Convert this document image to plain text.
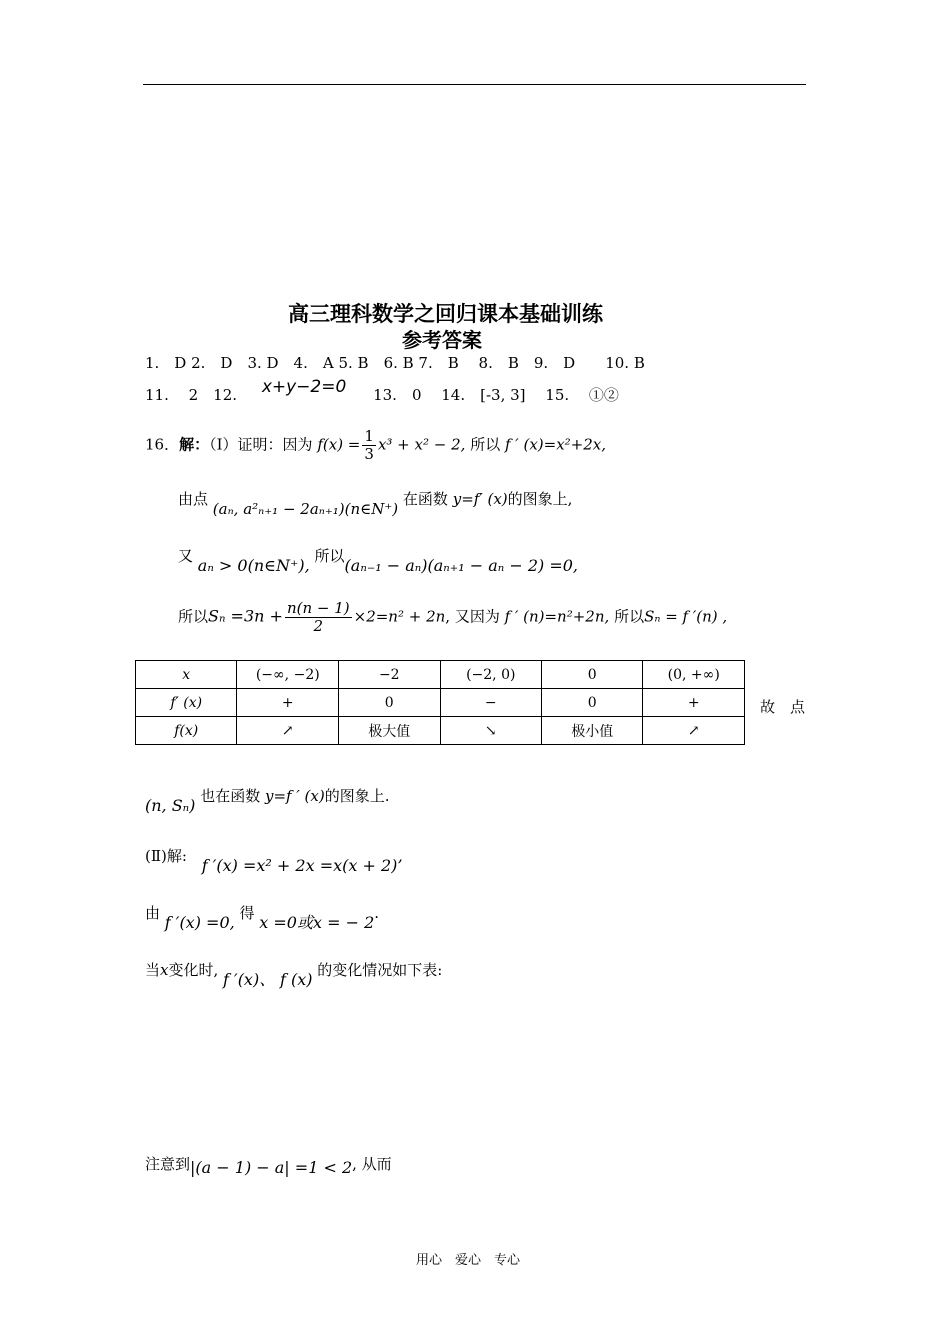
高三理科数学之回归课本基础训练
参考答案
1.　D 2.　D　3. D　4.　A 5. B　6. B 7.　B　 8.　B　9.　D　　10. B
11.　 2　12. x+y−2=0 13.　0　 14.　[-3, 3]　 15.　 ①②
16．解：（Ⅰ）证明：因为 $f(x) = \frac{1}{3} x^3 + x^2 - 2$, 所以 f ′ (x)=x²+2x,
由点 (aₙ, a²ₙ₊₁ − 2aₙ₊₁)(n∈N⁺) 在函数 y=f′ (x)的图象上,
又 aₙ > 0(n∈N⁺), 所以(aₙ₋₁ − aₙ)(aₙ₊₁ − aₙ − 2) =0,
所以$S_n =3n + \frac{n(n - 1)}{2} \times 2=n^2 + 2n$, 又因为 f ′ (n)=n²+2n, 所以Sₙ = f ′(n) ,
x	(−∞, −2)	−2	(−2, 0)	0	(0, +∞)
f′ (x)	+	0	−	0	+
f(x)	↗	极大值	↘	极小值	↗
故　点
(n, Sₙ) 也在函数 y=f ′ (x)的图象上.
(Ⅱ)解: f ′(x) =x² + 2x =x(x + 2)’
由 f ′(x) =0, 得 x =0或x = − 2.
当x变化时, f ′(x)、 f (x) 的变化情况如下表:
注意到|(a − 1) − a| =1 < 2, 从而
用心　爱心　专心
